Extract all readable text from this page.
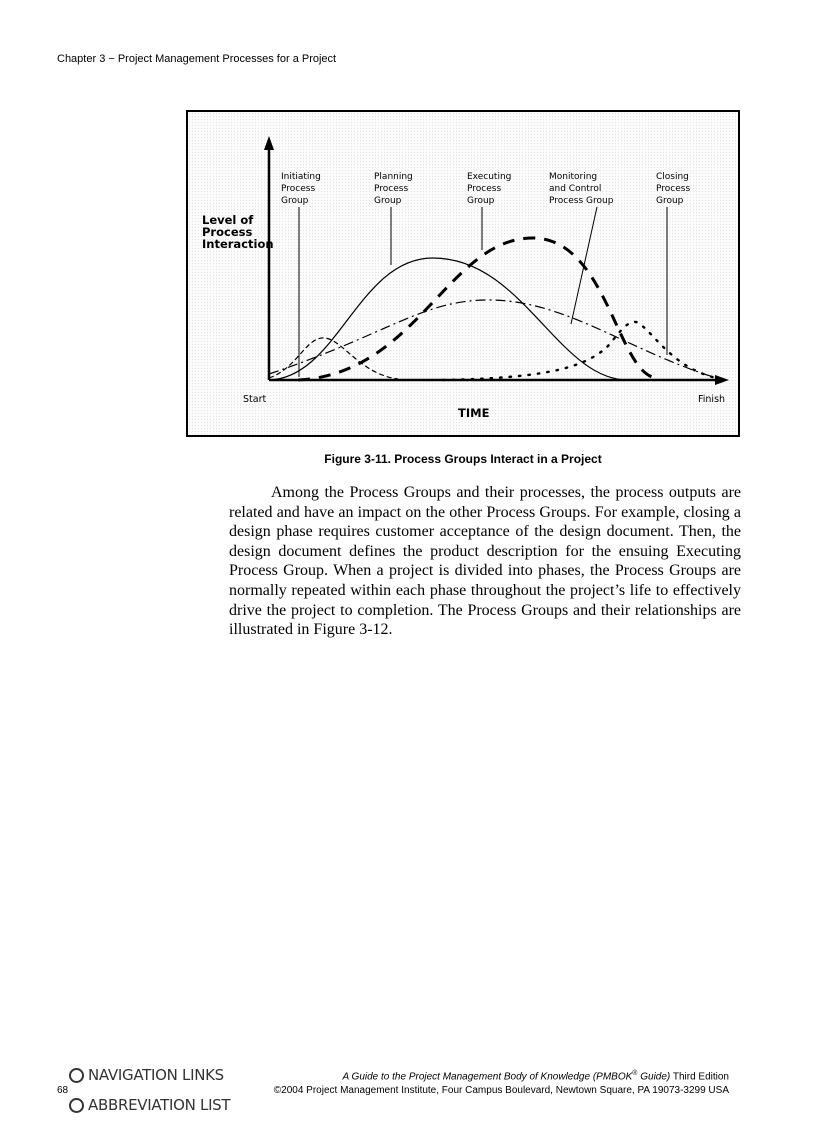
Chapter 3 − Project Management Processes for a Project
Level of
Process
Interaction
Start	Finish
TIME
Initiating
Process
Group
Planning
Process
Group
Executing
Process
Group
Monitoring
and Control
Process Group
Closing
Process
Group
Figure 3-11. Process Groups Interact in a Project

Among the Process Groups and their processes, the process outputs are related and have an impact on the other Process Groups. For example, closing a design phase requires customer acceptance of the design document. Then, the design document defines the product description for the ensuing Executing Process Group. When a project is divided into phases, the Process Groups are normally repeated within each phase throughout the project’s life to effectively drive the project to completion. The Process Groups and their relationships are illustrated in Figure 3-12.

NAVIGATION LINKS
ABBREVIATION LIST
68
A Guide to the Project Management Body of Knowledge (PMBOK® Guide) Third Edition
©2004 Project Management Institute, Four Campus Boulevard, Newtown Square, PA 19073-3299 USA
